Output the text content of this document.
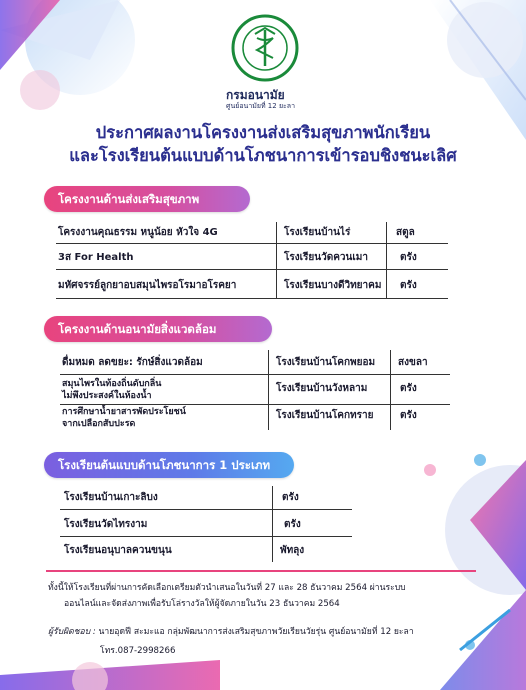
กรมอนามัย
ศูนย์อนามัยที่ 12 ยะลา
ประกาศผลงานโครงงานส่งเสริมสุขภาพนักเรียน
และโรงเรียนต้นแบบด้านโภชนาการเข้ารอบชิงชนะเลิศ
โครงงานด้านส่งเสริมสุขภาพ
โครงงานคุณธรรม หนูน้อย หัวใจ 4G	โรงเรียนบ้านไร่	สตูล
3ส For Health	โรงเรียนวัดควนเมา	ตรัง
มหัศจรรย์ลูกยาอบสมุนไพรอโรมาอโรคยา	โรงเรียนบางดีวิทยาคม ตรัง
โครงงานด้านอนามัยสิ่งแวดล้อม
ดื่มหมด ลดขยะ: รักษ์สิ่งแวดล้อม	โรงเรียนบ้านโคกพยอม สงขลา
สมุนไพรในท้องถิ่นดับกลิ่น
ไม่พึงประสงค์ในห้องน้ำ
โรงเรียนบ้านวังหลาม	ตรัง
การศึกษาน้ำยาสารพัดประโยชน์
จากเปลือกสับปะรด
โรงเรียนบ้านโคกทราย	ตรัง
โรงเรียนต้นแบบด้านโภชนาการ 1 ประเภท
โรงเรียนบ้านเกาะลิบง	ตรัง
โรงเรียนวัดไทรงาม	ตรัง
โรงเรียนอนุบาลควนขนุน	พัทลุง
ทั้งนี้ให้โรงเรียนที่ผ่านการคัดเลือกเตรียมตัวนำเสนอในวันที่ 27 และ 28 ธันวาคม 2564 ผ่านระบบ
ออนไลน์และจัดส่งภาพเพื่อรับโล่รางวัลให้ผู้จัดภายในวัน 23 ธันวาคม 2564
ผู้รับผิดชอบ : นายอุดฟี สะมะแอ กลุ่มพัฒนาการส่งเสริมสุขภาพวัยเรียนวัยรุ่น ศูนย์อนามัยที่ 12 ยะลา
โทร.087-2998266
